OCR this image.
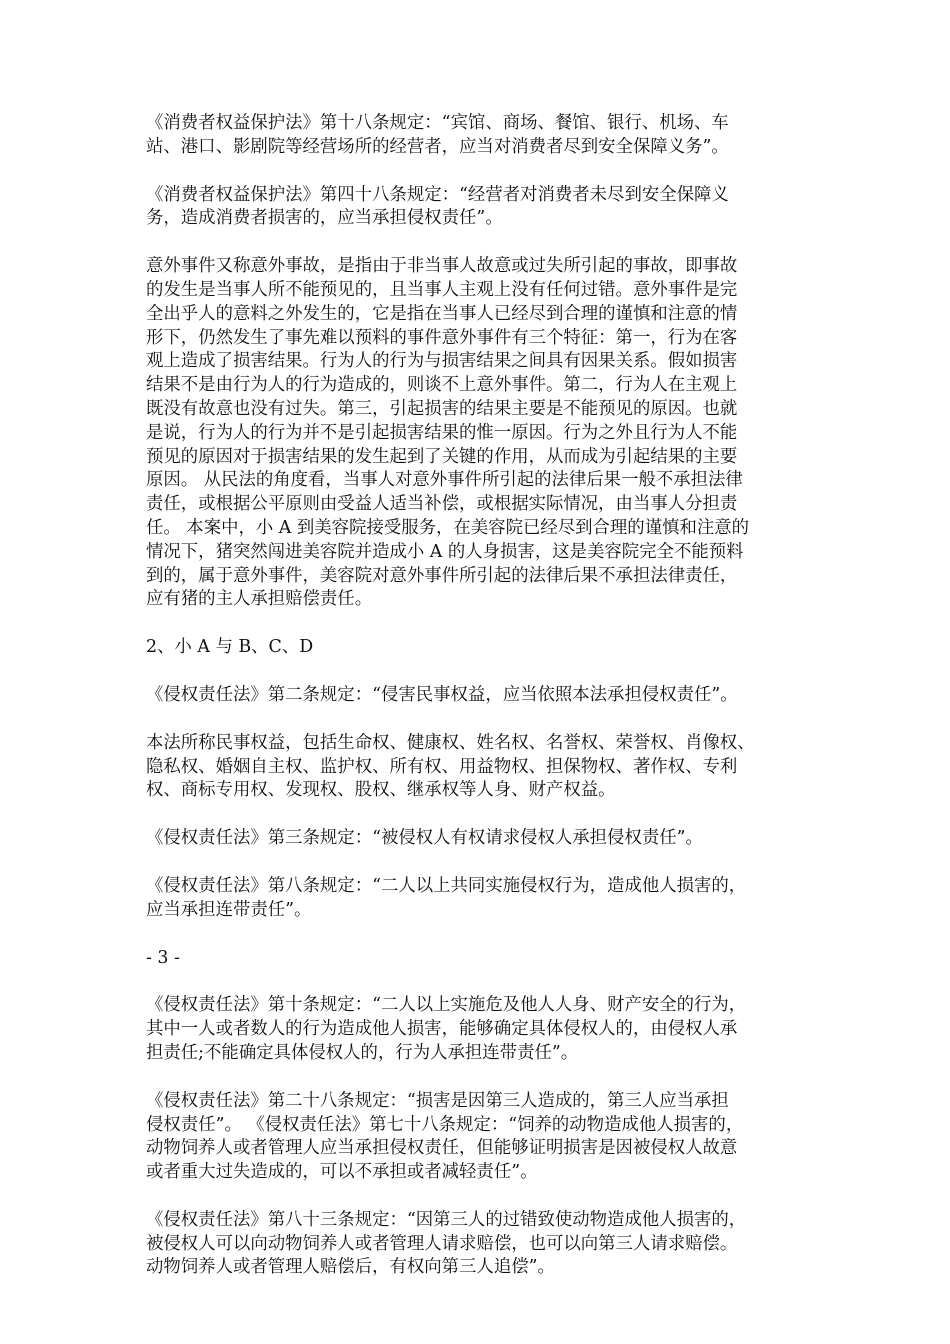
《消费者权益保护法》第十八条规定：“宾馆、商场、餐馆、银行、机场、车
站、港口、影剧院等经营场所的经营者，应当对消费者尽到安全保障义务”。

《消费者权益保护法》第四十八条规定：“经营者对消费者未尽到安全保障义
务，造成消费者损害的，应当承担侵权责任”。

意外事件又称意外事故，是指由于非当事人故意或过失所引起的事故，即事故
的发生是当事人所不能预见的，且当事人主观上没有任何过错。意外事件是完
全出乎人的意料之外发生的，它是指在当事人已经尽到合理的谨慎和注意的情
形下，仍然发生了事先难以预料的事件意外事件有三个特征：第一，行为在客
观上造成了损害结果。行为人的行为与损害结果之间具有因果关系。假如损害
结果不是由行为人的行为造成的，则谈不上意外事件。第二，行为人在主观上
既没有故意也没有过失。第三，引起损害的结果主要是不能预见的原因。也就
是说，行为人的行为并不是引起损害结果的惟一原因。行为之外且行为人不能
预见的原因对于损害结果的发生起到了关键的作用，从而成为引起结果的主要
原因。 从民法的角度看，当事人对意外事件所引起的法律后果一般不承担法律
责任，或根据公平原则由受益人适当补偿，或根据实际情况，由当事人分担责
任。 本案中，小 A 到美容院接受服务，在美容院已经尽到合理的谨慎和注意的
情况下，猪突然闯进美容院并造成小 A 的人身损害，这是美容院完全不能预料
到的，属于意外事件，美容院对意外事件所引起的法律后果不承担法律责任，
应有猪的主人承担赔偿责任。

2、小 A 与 B、C、D

《侵权责任法》第二条规定：“侵害民事权益，应当依照本法承担侵权责任”。

本法所称民事权益，包括生命权、健康权、姓名权、名誉权、荣誉权、肖像权、
隐私权、婚姻自主权、监护权、所有权、用益物权、担保物权、著作权、专利
权、商标专用权、发现权、股权、继承权等人身、财产权益。

《侵权责任法》第三条规定：“被侵权人有权请求侵权人承担侵权责任”。

《侵权责任法》第八条规定：“二人以上共同实施侵权行为，造成他人损害的，
应当承担连带责任”。

- 3 -

《侵权责任法》第十条规定：“二人以上实施危及他人人身、财产安全的行为，
其中一人或者数人的行为造成他人损害，能够确定具体侵权人的，由侵权人承
担责任;不能确定具体侵权人的，行为人承担连带责任”。

《侵权责任法》第二十八条规定：“损害是因第三人造成的，第三人应当承担
侵权责任”。 《侵权责任法》第七十八条规定：“饲养的动物造成他人损害的，
动物饲养人或者管理人应当承担侵权责任，但能够证明损害是因被侵权人故意
或者重大过失造成的，可以不承担或者减轻责任”。

《侵权责任法》第八十三条规定：“因第三人的过错致使动物造成他人损害的，
被侵权人可以向动物饲养人或者管理人请求赔偿，也可以向第三人请求赔偿。
动物饲养人或者管理人赔偿后，有权向第三人追偿”。
